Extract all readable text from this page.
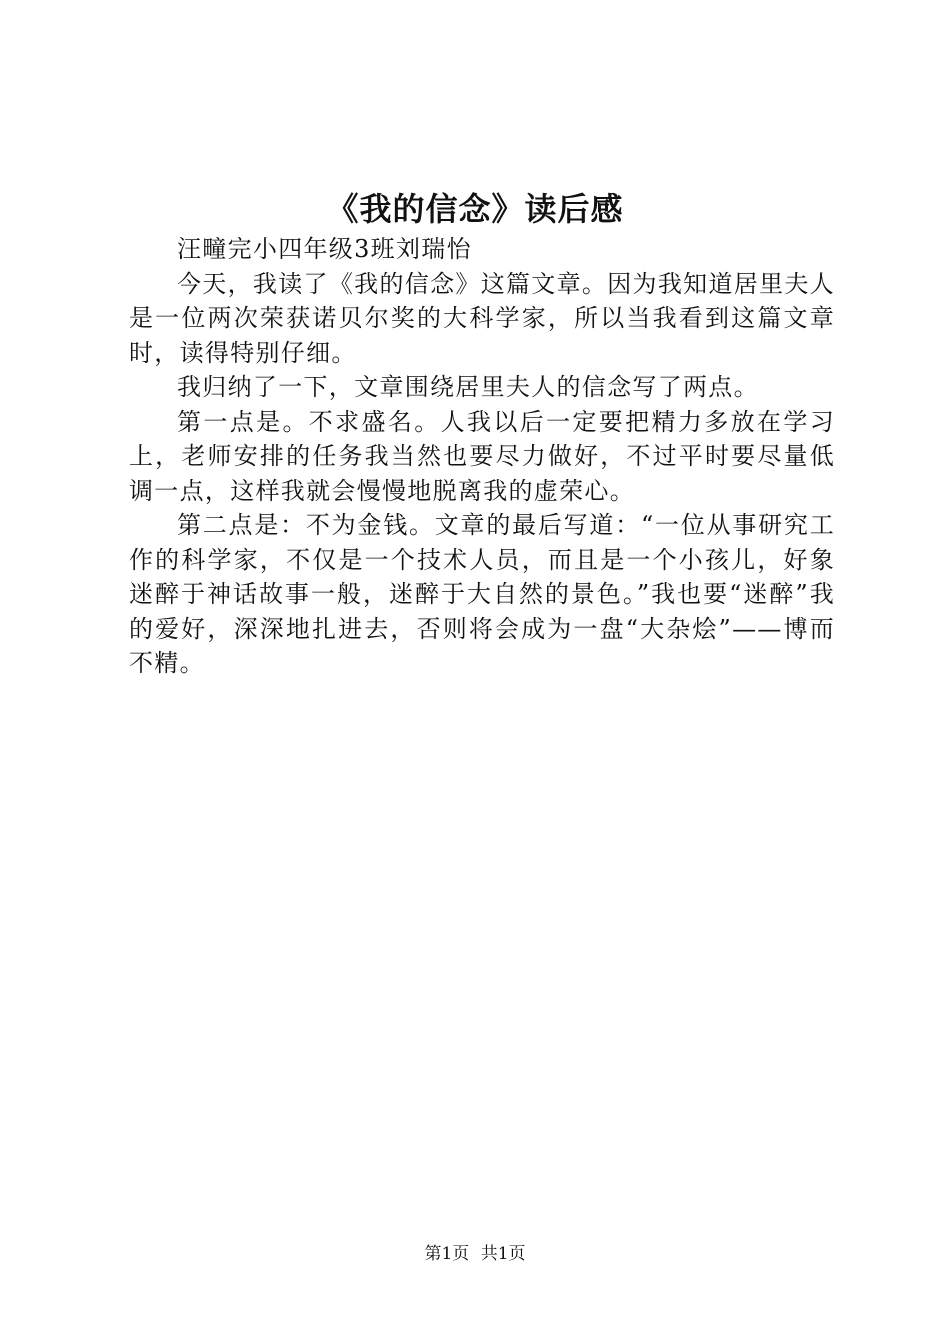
《我的信念》读后感

汪疃完小四年级3班刘瑞怡

今天，我读了《我的信念》这篇文章。因为我知道居里夫人是一位两次荣获诺贝尔奖的大科学家，所以当我看到这篇文章时，读得特别仔细。

我归纳了一下，文章围绕居里夫人的信念写了两点。

第一点是。不求盛名。人我以后一定要把精力多放在学习上，老师安排的任务我当然也要尽力做好，不过平时要尽量低调一点，这样我就会慢慢地脱离我的虚荣心。

第二点是：不为金钱。文章的最后写道：“一位从事研究工作的科学家，不仅是一个技术人员，而且是一个小孩儿，好象迷醉于神话故事一般，迷醉于大自然的景色。”我也要“迷醉”我的爱好，深深地扎进去，否则将会成为一盘“大杂烩”——博而不精。

第1页 共1页
